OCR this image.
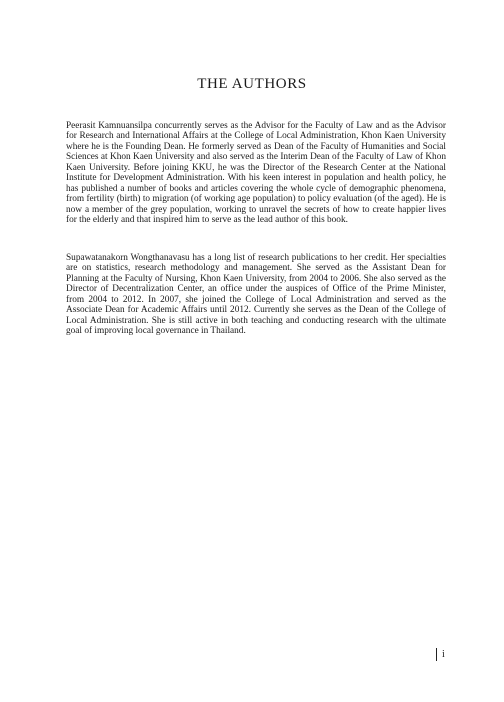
THE AUTHORS

Peerasit Kamnuansilpa concurrently serves as the Advisor for the Faculty of Law and as the Advisor for Research and International Affairs at the College of Local Administration, Khon Kaen University where he is the Founding Dean. He formerly served as Dean of the Faculty of Humanities and Social Sciences at Khon Kaen University and also served as the Interim Dean of the Faculty of Law of Khon Kaen University. Before joining KKU, he was the Director of the Research Center at the National Institute for Development Administration. With his keen interest in population and health policy, he has published a number of books and articles covering the whole cycle of demographic phenomena, from fertility (birth) to migration (of working age population) to policy evaluation (of the aged). He is now a member of the grey population, working to unravel the secrets of how to create happier lives for the elderly and that inspired him to serve as the lead author of this book.

Supawatanakorn Wongthanavasu has a long list of research publications to her credit. Her specialties are on statistics, research methodology and management. She served as the Assistant Dean for Planning at the Faculty of Nursing, Khon Kaen University, from 2004 to 2006. She also served as the Director of Decentralization Center, an office under the auspices of Office of the Prime Minister, from 2004 to 2012. In 2007, she joined the College of Local Administration and served as the Associate Dean for Academic Affairs until 2012. Currently she serves as the Dean of the College of Local Administration. She is still active in both teaching and conducting research with the ultimate goal of improving local governance in Thailand.

i
